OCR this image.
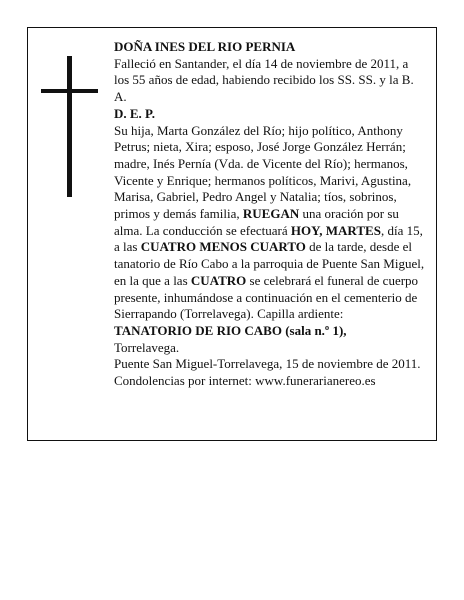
DOÑA INES DEL RIO PERNIA

Falleció en Santander, el día 14 de noviembre de 2011, a los 55 años de edad, habiendo recibido los SS. SS. y la B. A.

D. E. P.

Su hija, Marta González del Río; hijo político, Anthony Petrus; nieta, Xira; esposo, José Jorge González Herrán; madre, Inés Pernía (Vda. de Vicente del Río); hermanos, Vicente y Enrique; hermanos políticos, Marivi, Agustina, Marisa, Gabriel, Pedro Angel y Natalia; tíos, sobrinos, primos y demás familia, RUEGAN una oración por su alma. La conducción se efectuará HOY, MARTES, día 15, a las CUATRO MENOS CUARTO de la tarde, desde el tanatorio de Río Cabo a la parroquia de Puente San Miguel, en la que a las CUATRO se celebrará el funeral de cuerpo presente, inhumándose a continuación en el cementerio de Sierrapando (Torrelavega). Capilla ardiente:

TANATORIO DE RIO CABO (sala n.º 1),

Torrelavega.

Puente San Miguel-Torrelavega, 15 de noviembre de 2011.

Condolencias por internet: www.funerarianereo.es
